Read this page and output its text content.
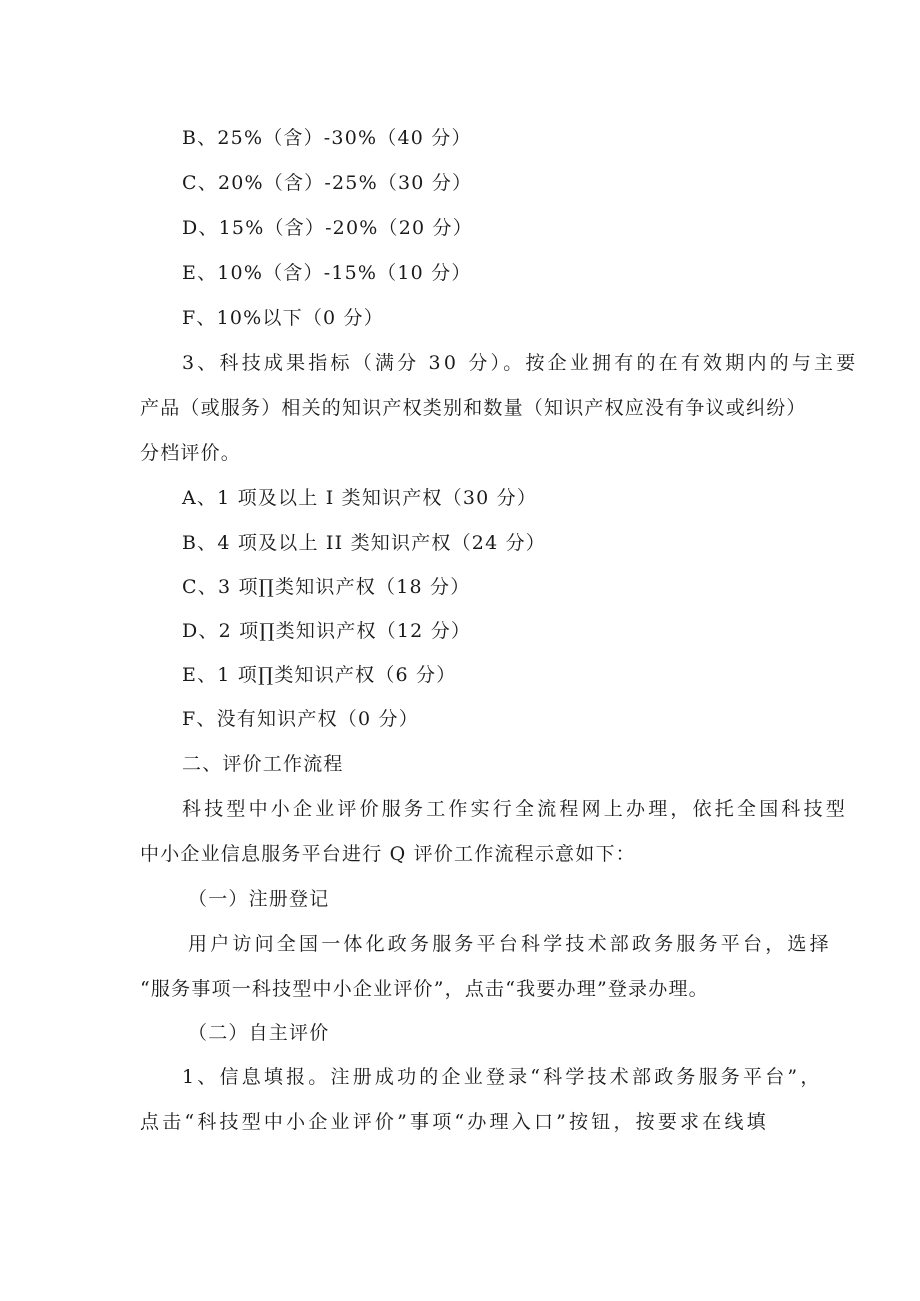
B、25%（含）-30%（40 分）
C、20%（含）-25%（30 分）
D、15%（含）-20%（20 分）
E、10%（含）-15%（10 分）
F、10%以下（0 分）
3、科技成果指标（满分 30 分）。按企业拥有的在有效期内的与主要
产品（或服务）相关的知识产权类别和数量（知识产权应没有争议或纠纷）
分档评价。
A、1 项及以上 I 类知识产权（30 分）
B、4 项及以上 II 类知识产权（24 分）
C、3 项∏类知识产权（18 分）
D、2 项∏类知识产权（12 分）
E、1 项∏类知识产权（6 分）
F、没有知识产权（0 分）
二、评价工作流程
科技型中小企业评价服务工作实行全流程网上办理，依托全国科技型
中小企业信息服务平台进行 Q 评价工作流程示意如下：
（一）注册登记
用户访问全国一体化政务服务平台科学技术部政务服务平台，选择
“服务事项一科技型中小企业评价”，点击“我要办理”登录办理。
（二）自主评价
1、信息填报。注册成功的企业登录“科学技术部政务服务平台”，
点击“科技型中小企业评价”事项“办理入口”按钮，按要求在线填
